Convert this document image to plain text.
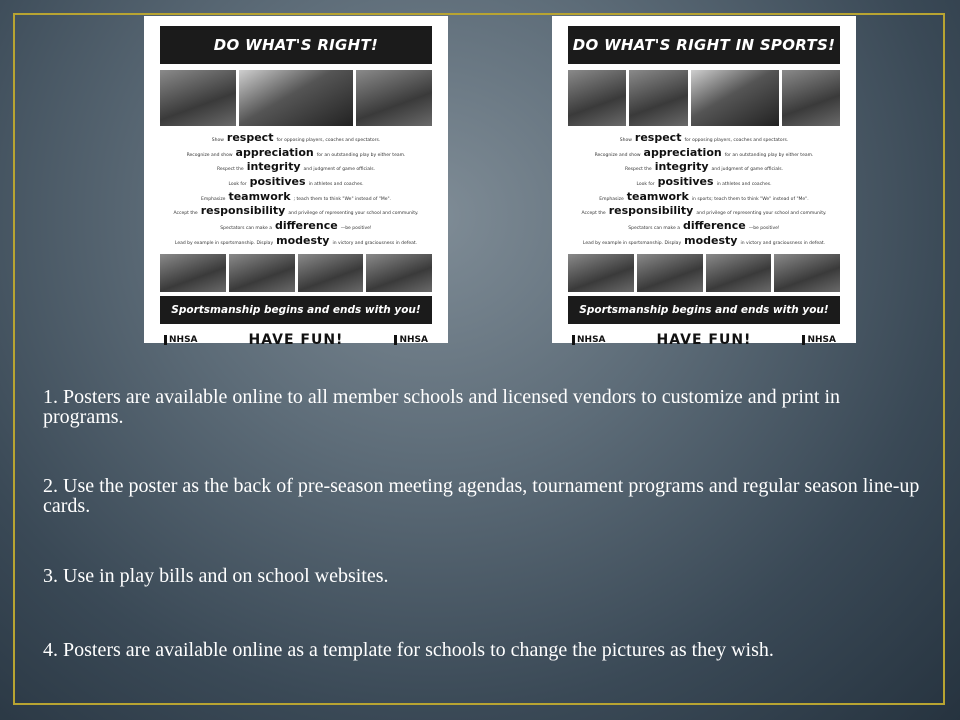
DO WHAT'S RIGHT!
Show respect for opposing players, coaches and spectators.
Recognize and show appreciation for an outstanding play by either team.
Respect the integrity and judgment of game officials.
Look for positives in athletes and coaches.
Emphasize teamwork ; teach them to think "We" instead of "Me".
Accept the responsibility and privilege of representing your school and community.
Spectators can make a difference —be positive!
Lead by example in sportsmanship. Display modesty in victory and graciousness in defeat.
Sportsmanship begins and ends with you!
NHSA	HAVE FUN!	NHSA
DO WHAT'S RIGHT IN SPORTS!
Show respect for opposing players, coaches and spectators.
Recognize and show appreciation for an outstanding play by either team.
Respect the integrity and judgment of game officials.
Look for positives in athletes and coaches.
Emphasize teamwork in sports; teach them to think "We" instead of "Me".
Accept the responsibility and privilege of representing your school and community.
Spectators can make a difference —be positive!
Lead by example in sportsmanship. Display modesty in victory and graciousness in defeat.
Sportsmanship begins and ends with you!
NHSA	HAVE FUN!	NHSA
1. Posters are available online to all member schools and licensed vendors to customize and print in programs.
2. Use the poster as the back of pre-season meeting agendas, tournament programs and regular season line-up cards.
3. Use in play bills and on school websites.
4. Posters are available online as a template for schools to change the pictures as they wish.
